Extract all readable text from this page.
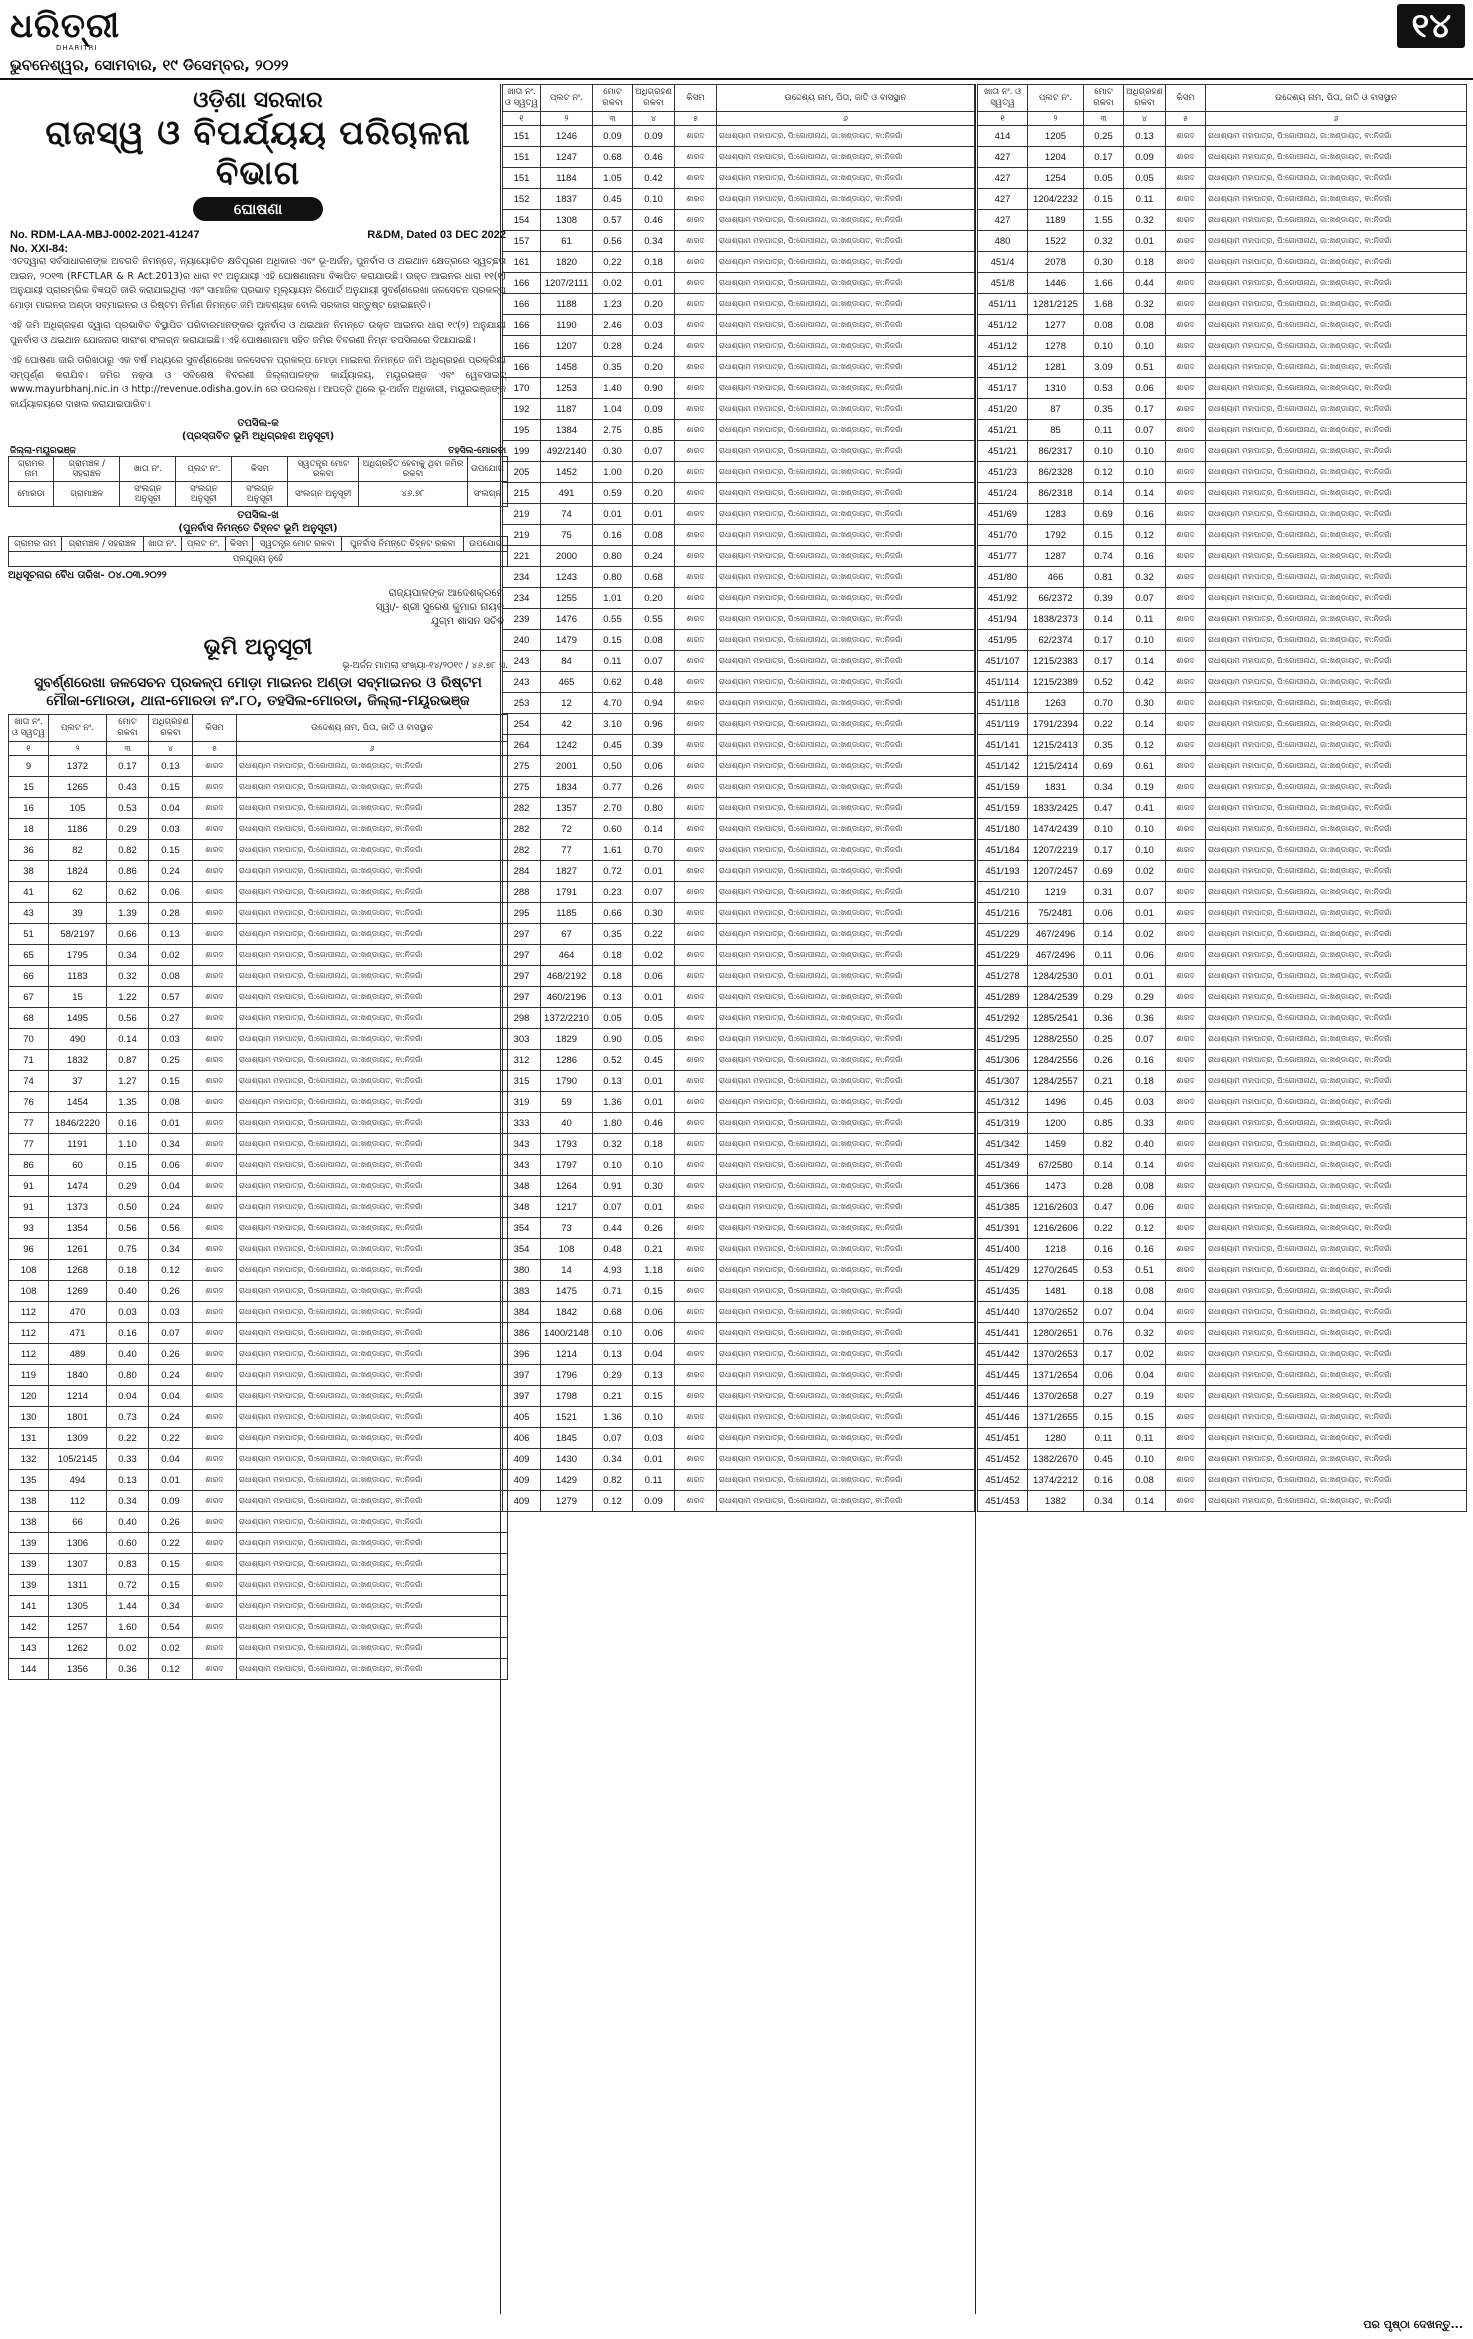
ଧରିତ୍ରୀ
DHARITRI
ଭୁବନେଶ୍ୱର, ସୋମବାର, ୧୯ ଡିସେମ୍ବର, ୨୦୨୨
୧୪
ଓଡ଼ିଶା ସରକାର
ରାଜସ୍ୱ ଓ ବିପର୍ଯ୍ୟୟ ପରିଚାଳନା ବିଭାଗ
ଘୋଷଣା
No. RDM-LAA-MBJ-0002-2021-41247	R&DM, Dated 03 DEC 2022
No. XXI-84:

ଏତଦ୍ୱାରା ସର୍ବସାଧାରଣଙ୍କ ଅବଗତି ନିମନ୍ତେ, ନ୍ୟାୟୋଚିତ କ୍ଷତିପୂରଣ ଅଧିକାର ଏବଂ ଭୂ-ଅର୍ଜନ, ପୁନର୍ବାସ ଓ ଥଇଥାନ କ୍ଷେତ୍ରରେ ସ୍ୱଚ୍ଛତା ଆଇନ, ୨୦୧୩ (RFCTLAR & R Act.2013)ର ଧାରା ୧୯ ଅନୁଯାୟୀ ଏହି ଘୋଷଣାନାମା ବିଜ୍ଞାପିତ କରାଯାଉଛି। ଉକ୍ତ ଆଇନର ଧାରା ୧୧(୧) ଅନୁଯାୟୀ ପ୍ରାରମ୍ଭିକ ବିଜ୍ଞପ୍ତି ଜାରି କରାଯାଇଥିଲା ଏବଂ ସାମାଜିକ ପ୍ରଭାବ ମୂଲ୍ୟାୟନ ରିପୋର୍ଟ ଅନୁଯାୟୀ ସୁବର୍ଣ୍ଣରେଖା ଜଳସେଚନ ପ୍ରକଳ୍ପ ମୋଡ଼ା ମାଇନର ଅଣ୍ଡା ସବ୍‌ମାଇନର ଓ ରିଷ୍ଟମ ନିର୍ମାଣ ନିମନ୍ତେ ଜମି ଆବଶ୍ୟକ ବୋଲି ସରକାର ସନ୍ତୁଷ୍ଟ ହୋଇଛନ୍ତି।

ଏହି ଜମି ଅଧିଗ୍ରହଣ ଦ୍ୱାରା ପ୍ରଭାବିତ ବିସ୍ଥାପିତ ପରିବାରମାନଙ୍କର ପୁନର୍ବାସ ଓ ଥଇଥାନ ନିମନ୍ତେ ଉକ୍ତ ଆଇନର ଧାରା ୧୯(୨) ଅନୁଯାୟୀ ପୁନର୍ବାସ ଓ ଥଇଥାନ ଯୋଜନାର ସାରାଂଶ ସଂଲଗ୍ନ କରାଯାଇଛି। ଏହି ଘୋଷଣାନାମା ସହିତ ଜମିର ବିବରଣୀ ନିମ୍ନ ତପସିଲରେ ଦିଆଯାଇଛି।

ଏହି ଘୋଷଣା ଜାରି ତାରିଖଠାରୁ ଏକ ବର୍ଷ ମଧ୍ୟରେ ସୁବର୍ଣ୍ଣରେଖା ଜଳସେଚନ ପ୍ରକଳ୍ପ ମୋଡ଼ା ମାଇନର ନିମନ୍ତେ ଜମି ଅଧିଗ୍ରହଣ ପ୍ରକ୍ରିୟା ସମ୍ପୂର୍ଣ୍ଣ କରାଯିବ। ଜମିର ନକ୍ସା ଓ ସବିଶେଷ ବିବରଣୀ ଜିଲ୍ଲାପାଳଙ୍କ କାର୍ଯ୍ୟାଳୟ, ମୟୂରଭଞ୍ଜ ଏବଂ ୱେବସାଇଟ୍ www.mayurbhanj.nic.in ଓ http://revenue.odisha.gov.in ରେ ଉପଲବ୍ଧ। ଆପତ୍ତି ଥିଲେ ଭୂ-ଅର୍ଜନ ଅଧିକାରୀ, ମୟୂରଭଞ୍ଜଙ୍କ କାର୍ଯ୍ୟାଳୟରେ ଦାଖଲ କରାଯାଇପାରିବ।

ତପସିଲ-କ
(ପ୍ରସ୍ତାବିତ ଭୂମି ଅଧିଗ୍ରହଣ ଅନୁସୂଚୀ)
ଜିଲ୍ଲା-ମୟୂରଭଞ୍ଜ	ତହସିଲ-ମୋରଡା
ଗ୍ରାମର ନାମ	ଗ୍ରାମଞ୍ଚଳ / ସହରାଞ୍ଚଳ	ଖାତା ନଂ.	ପ୍ଲଟ ନଂ.	କିସମ	ସ୍ୱତନ୍ତ୍ର ମୋଟ ରକବା	ଅଧିଗ୍ରହିତ ହେବାକୁ ଥିବା ଜମିର ରକବା	ଉପଯୋଗ
ମୋରଡା	ଗ୍ରାମାଞ୍ଚଳ	ସଂଲଗ୍ନ ଅନୁସୂଚୀ	ସଂଲଗ୍ନ ଅନୁସୂଚୀ	ସଂଲଗ୍ନ ଅନୁସୂଚୀ	ସଂଲଗ୍ନ ଅନୁସୂଚୀ	୪୬.୭୮	ସଂଲଗ୍ନ
ତପସିଲ-ଖ
(ପୁନର୍ବାସ ନିମନ୍ତେ ଚିହ୍ନଟ ଭୂମି ଅନୁସୂଚୀ)
ଗ୍ରାମର ନାମ	ଗ୍ରାମଞ୍ଚଳ / ସହରାଞ୍ଚଳ	ଖାତା ନଂ.	ପ୍ଲଟ ନଂ.	କିସମ	ସ୍ୱତନ୍ତ୍ର ମୋଟ ରକବା	ପୁନର୍ବାସ ନିମନ୍ତେ ଚିହ୍ନଟ ରକବା	ଉପଯୋଗ
ପ୍ରଯୁଜ୍ୟ ନୁହେଁ
ଅଧିସୂଚନାର ବୈଧ ତାରିଖ- ୦୪.୦୩.୨୦୨୨
ରାଜ୍ୟପାଳଙ୍କ ଆଦେଶକ୍ରମେ
ସ୍ୱା/- ଶ୍ରୀ ସୁରେଶ କୁମାର ନାୟକ
ଯୁଗ୍ମ ଶାସନ ସଚିବ
ଭୂମି ଅନୁସୂଚୀ
ଭୂ-ଅର୍ଜନ ମାମଲା ସଂଖ୍ୟା-୧୪/୨୦୧୯ / ୪୬.୭୮ ଏ.
ସୁବର୍ଣ୍ଣରେଖା ଜଳସେଚନ ପ୍ରକଳ୍ପ ମୋଡ଼ା ମାଇନର ଅଣ୍ଡା ସବ୍‌ମାଇନର ଓ ରିଷ୍ଟମ
ମୌଜା-ମୋରଡା, ଥାନା-ମୋରଡା ନଂ.୮୦, ତହସିଲ-ମୋରଡା, ଜିଲ୍ଲା-ମୟୂରଭଞ୍ଜ
ଖାତା ନଂ. ଓ ସ୍ୱତ୍ୱ	ପ୍ଲଟ ନଂ.	ମୋଟ ରକବା	ଅଧିଗ୍ରହଣ ରକବା	କିସମ	ଉଦ୍ଦେଶ୍ୟ ନାମ, ପିତା, ଜାତି ଓ ବାସସ୍ଥାନ
୧	୨	୩	୪	୫	୬
9	1372	0.17	0.13	ଶାରଦ	ରାଧାଶ୍ୟାମ ମହାପାତ୍ର, ପି:ଗୋପୀନାଥ, ଜା:ଖଣ୍ଡାୟତ, ବା:ନିଜଗାଁ
15	1265	0.43	0.15	ଶାରଦ	ରାଧାଶ୍ୟାମ ମହାପାତ୍ର, ପି:ଗୋପୀନାଥ, ଜା:ଖଣ୍ଡାୟତ, ବା:ନିଜଗାଁ
16	105	0.53	0.04	ଶାରଦ	ରାଧାଶ୍ୟାମ ମହାପାତ୍ର, ପି:ଗୋପୀନାଥ, ଜା:ଖଣ୍ଡାୟତ, ବା:ନିଜଗାଁ
18	1186	0.29	0.03	ଶାରଦ	ରାଧାଶ୍ୟାମ ମହାପାତ୍ର, ପି:ଗୋପୀନାଥ, ଜା:ଖଣ୍ଡାୟତ, ବା:ନିଜଗାଁ
36	82	0.82	0.15	ଶାରଦ	ରାଧାଶ୍ୟାମ ମହାପାତ୍ର, ପି:ଗୋପୀନାଥ, ଜା:ଖଣ୍ଡାୟତ, ବା:ନିଜଗାଁ
38	1824	0.86	0.24	ଶାରଦ	ରାଧାଶ୍ୟାମ ମହାପାତ୍ର, ପି:ଗୋପୀନାଥ, ଜା:ଖଣ୍ଡାୟତ, ବା:ନିଜଗାଁ
41	62	0.62	0.06	ଶାରଦ	ରାଧାଶ୍ୟାମ ମହାପାତ୍ର, ପି:ଗୋପୀନାଥ, ଜା:ଖଣ୍ଡାୟତ, ବା:ନିଜଗାଁ
43	39	1.39	0.28	ଶାରଦ	ରାଧାଶ୍ୟାମ ମହାପାତ୍ର, ପି:ଗୋପୀନାଥ, ଜା:ଖଣ୍ଡାୟତ, ବା:ନିଜଗାଁ
51	58/2197	0.66	0.13	ଶାରଦ	ରାଧାଶ୍ୟାମ ମହାପାତ୍ର, ପି:ଗୋପୀନାଥ, ଜା:ଖଣ୍ଡାୟତ, ବା:ନିଜଗାଁ
65	1795	0.34	0.02	ଶାରଦ	ରାଧାଶ୍ୟାମ ମହାପାତ୍ର, ପି:ଗୋପୀନାଥ, ଜା:ଖଣ୍ଡାୟତ, ବା:ନିଜଗାଁ
66	1183	0.32	0.08	ଶାରଦ	ରାଧାଶ୍ୟାମ ମହାପାତ୍ର, ପି:ଗୋପୀନାଥ, ଜା:ଖଣ୍ଡାୟତ, ବା:ନିଜଗାଁ
67	15	1.22	0.57	ଶାରଦ	ରାଧାଶ୍ୟାମ ମହାପାତ୍ର, ପି:ଗୋପୀନାଥ, ଜା:ଖଣ୍ଡାୟତ, ବା:ନିଜଗାଁ
68	1495	0.56	0.27	ଶାରଦ	ରାଧାଶ୍ୟାମ ମହାପାତ୍ର, ପି:ଗୋପୀନାଥ, ଜା:ଖଣ୍ଡାୟତ, ବା:ନିଜଗାଁ
70	490	0.14	0.03	ଶାରଦ	ରାଧାଶ୍ୟାମ ମହାପାତ୍ର, ପି:ଗୋପୀନାଥ, ଜା:ଖଣ୍ଡାୟତ, ବା:ନିଜଗାଁ
71	1832	0.87	0.25	ଶାରଦ	ରାଧାଶ୍ୟାମ ମହାପାତ୍ର, ପି:ଗୋପୀନାଥ, ଜା:ଖଣ୍ଡାୟତ, ବା:ନିଜଗାଁ
74	37	1.27	0.15	ଶାରଦ	ରାଧାଶ୍ୟାମ ମହାପାତ୍ର, ପି:ଗୋପୀନାଥ, ଜା:ଖଣ୍ଡାୟତ, ବା:ନିଜଗାଁ
76	1454	1.35	0.08	ଶାରଦ	ରାଧାଶ୍ୟାମ ମହାପାତ୍ର, ପି:ଗୋପୀନାଥ, ଜା:ଖଣ୍ଡାୟତ, ବା:ନିଜଗାଁ
77	1846/2220	0.16	0.01	ଶାରଦ	ରାଧାଶ୍ୟାମ ମହାପାତ୍ର, ପି:ଗୋପୀନାଥ, ଜା:ଖଣ୍ଡାୟତ, ବା:ନିଜଗାଁ
77	1191	1.10	0.34	ଶାରଦ	ରାଧାଶ୍ୟାମ ମହାପାତ୍ର, ପି:ଗୋପୀନାଥ, ଜା:ଖଣ୍ଡାୟତ, ବା:ନିଜଗାଁ
86	60	0.15	0.06	ଶାରଦ	ରାଧାଶ୍ୟାମ ମହାପାତ୍ର, ପି:ଗୋପୀନାଥ, ଜା:ଖଣ୍ଡାୟତ, ବା:ନିଜଗାଁ
91	1474	0.29	0.04	ଶାରଦ	ରାଧାଶ୍ୟାମ ମହାପାତ୍ର, ପି:ଗୋପୀନାଥ, ଜା:ଖଣ୍ଡାୟତ, ବା:ନିଜଗାଁ
91	1373	0.50	0.24	ଶାରଦ	ରାଧାଶ୍ୟାମ ମହାପାତ୍ର, ପି:ଗୋପୀନାଥ, ଜା:ଖଣ୍ଡାୟତ, ବା:ନିଜଗାଁ
93	1354	0.56	0.56	ଶାରଦ	ରାଧାଶ୍ୟାମ ମହାପାତ୍ର, ପି:ଗୋପୀନାଥ, ଜା:ଖଣ୍ଡାୟତ, ବା:ନିଜଗାଁ
96	1261	0.75	0.34	ଶାରଦ	ରାଧାଶ୍ୟାମ ମହାପାତ୍ର, ପି:ଗୋପୀନାଥ, ଜା:ଖଣ୍ଡାୟତ, ବା:ନିଜଗାଁ
108	1268	0.18	0.12	ଶାରଦ	ରାଧାଶ୍ୟାମ ମହାପାତ୍ର, ପି:ଗୋପୀନାଥ, ଜା:ଖଣ୍ଡାୟତ, ବା:ନିଜଗାଁ
108	1269	0.40	0.26	ଶାରଦ	ରାଧାଶ୍ୟାମ ମହାପାତ୍ର, ପି:ଗୋପୀନାଥ, ଜା:ଖଣ୍ଡାୟତ, ବା:ନିଜଗାଁ
112	470	0.03	0.03	ଶାରଦ	ରାଧାଶ୍ୟାମ ମହାପାତ୍ର, ପି:ଗୋପୀନାଥ, ଜା:ଖଣ୍ଡାୟତ, ବା:ନିଜଗାଁ
112	471	0.16	0.07	ଶାରଦ	ରାଧାଶ୍ୟାମ ମହାପାତ୍ର, ପି:ଗୋପୀନାଥ, ଜା:ଖଣ୍ଡାୟତ, ବା:ନିଜଗାଁ
112	489	0.40	0.26	ଶାରଦ	ରାଧାଶ୍ୟାମ ମହାପାତ୍ର, ପି:ଗୋପୀନାଥ, ଜା:ଖଣ୍ଡାୟତ, ବା:ନିଜଗାଁ
119	1840	0.80	0.24	ଶାରଦ	ରାଧାଶ୍ୟାମ ମହାପାତ୍ର, ପି:ଗୋପୀନାଥ, ଜା:ଖଣ୍ଡାୟତ, ବା:ନିଜଗାଁ
120	1214	0.04	0.04	ଶାରଦ	ରାଧାଶ୍ୟାମ ମହାପାତ୍ର, ପି:ଗୋପୀନାଥ, ଜା:ଖଣ୍ଡାୟତ, ବା:ନିଜଗାଁ
130	1801	0.73	0.24	ଶାରଦ	ରାଧାଶ୍ୟାମ ମହାପାତ୍ର, ପି:ଗୋପୀନାଥ, ଜା:ଖଣ୍ଡାୟତ, ବା:ନିଜଗାଁ
131	1309	0.22	0.22	ଶାରଦ	ରାଧାଶ୍ୟାମ ମହାପାତ୍ର, ପି:ଗୋପୀନାଥ, ଜା:ଖଣ୍ଡାୟତ, ବା:ନିଜଗାଁ
132	105/2145	0.33	0.04	ଶାରଦ	ରାଧାଶ୍ୟାମ ମହାପାତ୍ର, ପି:ଗୋପୀନାଥ, ଜା:ଖଣ୍ଡାୟତ, ବା:ନିଜଗାଁ
135	494	0.13	0.01	ଶାରଦ	ରାଧାଶ୍ୟାମ ମହାପାତ୍ର, ପି:ଗୋପୀନାଥ, ଜା:ଖଣ୍ଡାୟତ, ବା:ନିଜଗାଁ
138	112	0.34	0.09	ଶାରଦ	ରାଧାଶ୍ୟାମ ମହାପାତ୍ର, ପି:ଗୋପୀନାଥ, ଜା:ଖଣ୍ଡାୟତ, ବା:ନିଜଗାଁ
138	66	0.40	0.26	ଶାରଦ	ରାଧାଶ୍ୟାମ ମହାପାତ୍ର, ପି:ଗୋପୀନାଥ, ଜା:ଖଣ୍ଡାୟତ, ବା:ନିଜଗାଁ
139	1306	0.60	0.22	ଶାରଦ	ରାଧାଶ୍ୟାମ ମହାପାତ୍ର, ପି:ଗୋପୀନାଥ, ଜା:ଖଣ୍ଡାୟତ, ବା:ନିଜଗାଁ
139	1307	0.83	0.15	ଶାରଦ	ରାଧାଶ୍ୟାମ ମହାପାତ୍ର, ପି:ଗୋପୀନାଥ, ଜା:ଖଣ୍ଡାୟତ, ବା:ନିଜଗାଁ
139	1311	0.72	0.15	ଶାରଦ	ରାଧାଶ୍ୟାମ ମହାପାତ୍ର, ପି:ଗୋପୀନାଥ, ଜା:ଖଣ୍ଡାୟତ, ବା:ନିଜଗାଁ
141	1305	1.44	0.34	ଶାରଦ	ରାଧାଶ୍ୟାମ ମହାପାତ୍ର, ପି:ଗୋପୀନାଥ, ଜା:ଖଣ୍ଡାୟତ, ବା:ନିଜଗାଁ
142	1257	1.60	0.54	ଶାରଦ	ରାଧାଶ୍ୟାମ ମହାପାତ୍ର, ପି:ଗୋପୀନାଥ, ଜା:ଖଣ୍ଡାୟତ, ବା:ନିଜଗାଁ
143	1262	0.02	0.02	ଶାରଦ	ରାଧାଶ୍ୟାମ ମହାପାତ୍ର, ପି:ଗୋପୀନାଥ, ଜା:ଖଣ୍ଡାୟତ, ବା:ନିଜଗାଁ
144	1356	0.36	0.12	ଶାରଦ	ରାଧାଶ୍ୟାମ ମହାପାତ୍ର, ପି:ଗୋପୀନାଥ, ଜା:ଖଣ୍ଡାୟତ, ବା:ନିଜଗାଁ
ଖାତା ନଂ. ଓ ସ୍ୱତ୍ୱ	ପ୍ଲଟ ନଂ.	ମୋଟ ରକବା	ଅଧିଗ୍ରହଣ ରକବା	କିସମ	ଉଦ୍ଦେଶ୍ୟ ନାମ, ପିତା, ଜାତି ଓ ବାସସ୍ଥାନ
୧	୨	୩	୪	୫	୬
151	1246	0.09	0.09	ଶାରଦ	ରାଧାଶ୍ୟାମ ମହାପାତ୍ର, ପି:ଗୋପୀନାଥ, ଜା:ଖଣ୍ଡାୟତ, ବା:ନିଜଗାଁ
151	1247	0.68	0.46	ଶାରଦ	ରାଧାଶ୍ୟାମ ମହାପାତ୍ର, ପି:ଗୋପୀନାଥ, ଜା:ଖଣ୍ଡାୟତ, ବା:ନିଜଗାଁ
151	1184	1.05	0.42	ଶାରଦ	ରାଧାଶ୍ୟାମ ମହାପାତ୍ର, ପି:ଗୋପୀନାଥ, ଜା:ଖଣ୍ଡାୟତ, ବା:ନିଜଗାଁ
152	1837	0.45	0.10	ଶାରଦ	ରାଧାଶ୍ୟାମ ମହାପାତ୍ର, ପି:ଗୋପୀନାଥ, ଜା:ଖଣ୍ଡାୟତ, ବା:ନିଜଗାଁ
154	1308	0.57	0.46	ଶାରଦ	ରାଧାଶ୍ୟାମ ମହାପାତ୍ର, ପି:ଗୋପୀନାଥ, ଜା:ଖଣ୍ଡାୟତ, ବା:ନିଜଗାଁ
157	61	0.56	0.34	ଶାରଦ	ରାଧାଶ୍ୟାମ ମହାପାତ୍ର, ପି:ଗୋପୀନାଥ, ଜା:ଖଣ୍ଡାୟତ, ବା:ନିଜଗାଁ
161	1820	0.22	0.18	ଶାରଦ	ରାଧାଶ୍ୟାମ ମହାପାତ୍ର, ପି:ଗୋପୀନାଥ, ଜା:ଖଣ୍ଡାୟତ, ବା:ନିଜଗାଁ
166	1207/2111	0.02	0.01	ଶାରଦ	ରାଧାଶ୍ୟାମ ମହାପାତ୍ର, ପି:ଗୋପୀନାଥ, ଜା:ଖଣ୍ଡାୟତ, ବା:ନିଜଗାଁ
166	1188	1.23	0.20	ଶାରଦ	ରାଧାଶ୍ୟାମ ମହାପାତ୍ର, ପି:ଗୋପୀନାଥ, ଜା:ଖଣ୍ଡାୟତ, ବା:ନିଜଗାଁ
166	1190	2.46	0.03	ଶାରଦ	ରାଧାଶ୍ୟାମ ମହାପାତ୍ର, ପି:ଗୋପୀନାଥ, ଜା:ଖଣ୍ଡାୟତ, ବା:ନିଜଗାଁ
166	1207	0.28	0.24	ଶାରଦ	ରାଧାଶ୍ୟାମ ମହାପାତ୍ର, ପି:ଗୋପୀନାଥ, ଜା:ଖଣ୍ଡାୟତ, ବା:ନିଜଗାଁ
166	1458	0.35	0.20	ଶାରଦ	ରାଧାଶ୍ୟାମ ମହାପାତ୍ର, ପି:ଗୋପୀନାଥ, ଜା:ଖଣ୍ଡାୟତ, ବା:ନିଜଗାଁ
170	1253	1.40	0.90	ଶାରଦ	ରାଧାଶ୍ୟାମ ମହାପାତ୍ର, ପି:ଗୋପୀନାଥ, ଜା:ଖଣ୍ଡାୟତ, ବା:ନିଜଗାଁ
192	1187	1.04	0.09	ଶାରଦ	ରାଧାଶ୍ୟାମ ମହାପାତ୍ର, ପି:ଗୋପୀନାଥ, ଜା:ଖଣ୍ଡାୟତ, ବା:ନିଜଗାଁ
195	1384	2.75	0.85	ଶାରଦ	ରାଧାଶ୍ୟାମ ମହାପାତ୍ର, ପି:ଗୋପୀନାଥ, ଜା:ଖଣ୍ଡାୟତ, ବା:ନିଜଗାଁ
199	492/2140	0.30	0.07	ଶାରଦ	ରାଧାଶ୍ୟାମ ମହାପାତ୍ର, ପି:ଗୋପୀନାଥ, ଜା:ଖଣ୍ଡାୟତ, ବା:ନିଜଗାଁ
205	1452	1.00	0.20	ଶାରଦ	ରାଧାଶ୍ୟାମ ମହାପାତ୍ର, ପି:ଗୋପୀନାଥ, ଜା:ଖଣ୍ଡାୟତ, ବା:ନିଜଗାଁ
215	491	0.59	0.20	ଶାରଦ	ରାଧାଶ୍ୟାମ ମହାପାତ୍ର, ପି:ଗୋପୀନାଥ, ଜା:ଖଣ୍ଡାୟତ, ବା:ନିଜଗାଁ
219	74	0.01	0.01	ଶାରଦ	ରାଧାଶ୍ୟାମ ମହାପାତ୍ର, ପି:ଗୋପୀନାଥ, ଜା:ଖଣ୍ଡାୟତ, ବା:ନିଜଗାଁ
219	75	0.16	0.08	ଶାରଦ	ରାଧାଶ୍ୟାମ ମହାପାତ୍ର, ପି:ଗୋପୀନାଥ, ଜା:ଖଣ୍ଡାୟତ, ବା:ନିଜଗାଁ
221	2000	0.80	0.24	ଶାରଦ	ରାଧାଶ୍ୟାମ ମହାପାତ୍ର, ପି:ଗୋପୀନାଥ, ଜା:ଖଣ୍ଡାୟତ, ବା:ନିଜଗାଁ
234	1243	0.80	0.68	ଶାରଦ	ରାଧାଶ୍ୟାମ ମହାପାତ୍ର, ପି:ଗୋପୀନାଥ, ଜା:ଖଣ୍ଡାୟତ, ବା:ନିଜଗାଁ
234	1255	1.01	0.20	ଶାରଦ	ରାଧାଶ୍ୟାମ ମହାପାତ୍ର, ପି:ଗୋପୀନାଥ, ଜା:ଖଣ୍ଡାୟତ, ବା:ନିଜଗାଁ
239	1476	0.55	0.55	ଶାରଦ	ରାଧାଶ୍ୟାମ ମହାପାତ୍ର, ପି:ଗୋପୀନାଥ, ଜା:ଖଣ୍ଡାୟତ, ବା:ନିଜଗାଁ
240	1479	0.15	0.08	ଶାରଦ	ରାଧାଶ୍ୟାମ ମହାପାତ୍ର, ପି:ଗୋପୀନାଥ, ଜା:ଖଣ୍ଡାୟତ, ବା:ନିଜଗାଁ
243	84	0.11	0.07	ଶାରଦ	ରାଧାଶ୍ୟାମ ମହାପାତ୍ର, ପି:ଗୋପୀନାଥ, ଜା:ଖଣ୍ଡାୟତ, ବା:ନିଜଗାଁ
243	465	0.62	0.48	ଶାରଦ	ରାଧାଶ୍ୟାମ ମହାପାତ୍ର, ପି:ଗୋପୀନାଥ, ଜା:ଖଣ୍ଡାୟତ, ବା:ନିଜଗାଁ
253	12	4.70	0.94	ଶାରଦ	ରାଧାଶ୍ୟାମ ମହାପାତ୍ର, ପି:ଗୋପୀନାଥ, ଜା:ଖଣ୍ଡାୟତ, ବା:ନିଜଗାଁ
254	42	3.10	0.96	ଶାରଦ	ରାଧାଶ୍ୟାମ ମହାପାତ୍ର, ପି:ଗୋପୀନାଥ, ଜା:ଖଣ୍ଡାୟତ, ବା:ନିଜଗାଁ
264	1242	0.45	0.39	ଶାରଦ	ରାଧାଶ୍ୟାମ ମହାପାତ୍ର, ପି:ଗୋପୀନାଥ, ଜା:ଖଣ୍ଡାୟତ, ବା:ନିଜଗାଁ
275	2001	0.50	0.06	ଶାରଦ	ରାଧାଶ୍ୟାମ ମହାପାତ୍ର, ପି:ଗୋପୀନାଥ, ଜା:ଖଣ୍ଡାୟତ, ବା:ନିଜଗାଁ
275	1834	0.77	0.26	ଶାରଦ	ରାଧାଶ୍ୟାମ ମହାପାତ୍ର, ପି:ଗୋପୀନାଥ, ଜା:ଖଣ୍ଡାୟତ, ବା:ନିଜଗାଁ
282	1357	2.70	0.80	ଶାରଦ	ରାଧାଶ୍ୟାମ ମହାପାତ୍ର, ପି:ଗୋପୀନାଥ, ଜା:ଖଣ୍ଡାୟତ, ବା:ନିଜଗାଁ
282	72	0.60	0.14	ଶାରଦ	ରାଧାଶ୍ୟାମ ମହାପାତ୍ର, ପି:ଗୋପୀନାଥ, ଜା:ଖଣ୍ଡାୟତ, ବା:ନିଜଗାଁ
282	77	1.61	0.70	ଶାରଦ	ରାଧାଶ୍ୟାମ ମହାପାତ୍ର, ପି:ଗୋପୀନାଥ, ଜା:ଖଣ୍ଡାୟତ, ବା:ନିଜଗାଁ
284	1827	0.72	0.01	ଶାରଦ	ରାଧାଶ୍ୟାମ ମହାପାତ୍ର, ପି:ଗୋପୀନାଥ, ଜା:ଖଣ୍ଡାୟତ, ବା:ନିଜଗାଁ
288	1791	0.23	0.07	ଶାରଦ	ରାଧାଶ୍ୟାମ ମହାପାତ୍ର, ପି:ଗୋପୀନାଥ, ଜା:ଖଣ୍ଡାୟତ, ବା:ନିଜଗାଁ
295	1185	0.66	0.30	ଶାରଦ	ରାଧାଶ୍ୟାମ ମହାପାତ୍ର, ପି:ଗୋପୀନାଥ, ଜା:ଖଣ୍ଡାୟତ, ବା:ନିଜଗାଁ
297	67	0.35	0.22	ଶାରଦ	ରାଧାଶ୍ୟାମ ମହାପାତ୍ର, ପି:ଗୋପୀନାଥ, ଜା:ଖଣ୍ଡାୟତ, ବା:ନିଜଗାଁ
297	464	0.18	0.02	ଶାରଦ	ରାଧାଶ୍ୟାମ ମହାପାତ୍ର, ପି:ଗୋପୀନାଥ, ଜା:ଖଣ୍ଡାୟତ, ବା:ନିଜଗାଁ
297	468/2192	0.18	0.06	ଶାରଦ	ରାଧାଶ୍ୟାମ ମହାପାତ୍ର, ପି:ଗୋପୀନାଥ, ଜା:ଖଣ୍ଡାୟତ, ବା:ନିଜଗାଁ
297	460/2196	0.13	0.01	ଶାରଦ	ରାଧାଶ୍ୟାମ ମହାପାତ୍ର, ପି:ଗୋପୀନାଥ, ଜା:ଖଣ୍ଡାୟତ, ବା:ନିଜଗାଁ
298	1372/2210	0.05	0.05	ଶାରଦ	ରାଧାଶ୍ୟାମ ମହାପାତ୍ର, ପି:ଗୋପୀନାଥ, ଜା:ଖଣ୍ଡାୟତ, ବା:ନିଜଗାଁ
303	1829	0.90	0.05	ଶାରଦ	ରାଧାଶ୍ୟାମ ମହାପାତ୍ର, ପି:ଗୋପୀନାଥ, ଜା:ଖଣ୍ଡାୟତ, ବା:ନିଜଗାଁ
312	1286	0.52	0.45	ଶାରଦ	ରାଧାଶ୍ୟାମ ମହାପାତ୍ର, ପି:ଗୋପୀନାଥ, ଜା:ଖଣ୍ଡାୟତ, ବା:ନିଜଗାଁ
315	1790	0.13	0.01	ଶାରଦ	ରାଧାଶ୍ୟାମ ମହାପାତ୍ର, ପି:ଗୋପୀନାଥ, ଜା:ଖଣ୍ଡାୟତ, ବା:ନିଜଗାଁ
319	59	1.36	0.01	ଶାରଦ	ରାଧାଶ୍ୟାମ ମହାପାତ୍ର, ପି:ଗୋପୀନାଥ, ଜା:ଖଣ୍ଡାୟତ, ବା:ନିଜଗାଁ
333	40	1.80	0.46	ଶାରଦ	ରାଧାଶ୍ୟାମ ମହାପାତ୍ର, ପି:ଗୋପୀନାଥ, ଜା:ଖଣ୍ଡାୟତ, ବା:ନିଜଗାଁ
343	1793	0.32	0.18	ଶାରଦ	ରାଧାଶ୍ୟାମ ମହାପାତ୍ର, ପି:ଗୋପୀନାଥ, ଜା:ଖଣ୍ଡାୟତ, ବା:ନିଜଗାଁ
343	1797	0.10	0.10	ଶାରଦ	ରାଧାଶ୍ୟାମ ମହାପାତ୍ର, ପି:ଗୋପୀନାଥ, ଜା:ଖଣ୍ଡାୟତ, ବା:ନିଜଗାଁ
348	1264	0.91	0.30	ଶାରଦ	ରାଧାଶ୍ୟାମ ମହାପାତ୍ର, ପି:ଗୋପୀନାଥ, ଜା:ଖଣ୍ଡାୟତ, ବା:ନିଜଗାଁ
348	1217	0.07	0.01	ଶାରଦ	ରାଧାଶ୍ୟାମ ମହାପାତ୍ର, ପି:ଗୋପୀନାଥ, ଜା:ଖଣ୍ଡାୟତ, ବା:ନିଜଗାଁ
354	73	0.44	0.26	ଶାରଦ	ରାଧାଶ୍ୟାମ ମହାପାତ୍ର, ପି:ଗୋପୀନାଥ, ଜା:ଖଣ୍ଡାୟତ, ବା:ନିଜଗାଁ
354	108	0.48	0.21	ଶାରଦ	ରାଧାଶ୍ୟାମ ମହାପାତ୍ର, ପି:ଗୋପୀନାଥ, ଜା:ଖଣ୍ଡାୟତ, ବା:ନିଜଗାଁ
380	14	4.93	1.18	ଶାରଦ	ରାଧାଶ୍ୟାମ ମହାପାତ୍ର, ପି:ଗୋପୀନାଥ, ଜା:ଖଣ୍ଡାୟତ, ବା:ନିଜଗାଁ
383	1475	0.71	0.15	ଶାରଦ	ରାଧାଶ୍ୟାମ ମହାପାତ୍ର, ପି:ଗୋପୀନାଥ, ଜା:ଖଣ୍ଡାୟତ, ବା:ନିଜଗାଁ
384	1842	0.68	0.06	ଶାରଦ	ରାଧାଶ୍ୟାମ ମହାପାତ୍ର, ପି:ଗୋପୀନାଥ, ଜା:ଖଣ୍ଡାୟତ, ବା:ନିଜଗାଁ
386	1400/2148	0.10	0.06	ଶାରଦ	ରାଧାଶ୍ୟାମ ମହାପାତ୍ର, ପି:ଗୋପୀନାଥ, ଜା:ଖଣ୍ଡାୟତ, ବା:ନିଜଗାଁ
396	1214	0.13	0.04	ଶାରଦ	ରାଧାଶ୍ୟାମ ମହାପାତ୍ର, ପି:ଗୋପୀନାଥ, ଜା:ଖଣ୍ଡାୟତ, ବା:ନିଜଗାଁ
397	1796	0.29	0.13	ଶାରଦ	ରାଧାଶ୍ୟାମ ମହାପାତ୍ର, ପି:ଗୋପୀନାଥ, ଜା:ଖଣ୍ଡାୟତ, ବା:ନିଜଗାଁ
397	1798	0.21	0.15	ଶାରଦ	ରାଧାଶ୍ୟାମ ମହାପାତ୍ର, ପି:ଗୋପୀନାଥ, ଜା:ଖଣ୍ଡାୟତ, ବା:ନିଜଗାଁ
405	1521	1.36	0.10	ଶାରଦ	ରାଧାଶ୍ୟାମ ମହାପାତ୍ର, ପି:ଗୋପୀନାଥ, ଜା:ଖଣ୍ଡାୟତ, ବା:ନିଜଗାଁ
406	1845	0.07	0.03	ଶାରଦ	ରାଧାଶ୍ୟାମ ମହାପାତ୍ର, ପି:ଗୋପୀନାଥ, ଜା:ଖଣ୍ଡାୟତ, ବା:ନିଜଗାଁ
409	1430	0.34	0.01	ଶାରଦ	ରାଧାଶ୍ୟାମ ମହାପାତ୍ର, ପି:ଗୋପୀନାଥ, ଜା:ଖଣ୍ଡାୟତ, ବା:ନିଜଗାଁ
409	1429	0.82	0.11	ଶାରଦ	ରାଧାଶ୍ୟାମ ମହାପାତ୍ର, ପି:ଗୋପୀନାଥ, ଜା:ଖଣ୍ଡାୟତ, ବା:ନିଜଗାଁ
409	1279	0.12	0.09	ଶାରଦ	ରାଧାଶ୍ୟାମ ମହାପାତ୍ର, ପି:ଗୋପୀନାଥ, ଜା:ଖଣ୍ଡାୟତ, ବା:ନିଜଗାଁ
ଖାତା ନଂ. ଓ ସ୍ୱତ୍ୱ	ପ୍ଲଟ ନଂ.	ମୋଟ ରକବା	ଅଧିଗ୍ରହଣ ରକବା	କିସମ	ଉଦ୍ଦେଶ୍ୟ ନାମ, ପିତା, ଜାତି ଓ ବାସସ୍ଥାନ
୧	୨	୩	୪	୫	୬
414	1205	0.25	0.13	ଶାରଦ	ରାଧାଶ୍ୟାମ ମହାପାତ୍ର, ପି:ଗୋପୀନାଥ, ଜା:ଖଣ୍ଡାୟତ, ବା:ନିଜଗାଁ
427	1204	0.17	0.09	ଶାରଦ	ରାଧାଶ୍ୟାମ ମହାପାତ୍ର, ପି:ଗୋପୀନାଥ, ଜା:ଖଣ୍ଡାୟତ, ବା:ନିଜଗାଁ
427	1254	0.05	0.05	ଶାରଦ	ରାଧାଶ୍ୟାମ ମହାପାତ୍ର, ପି:ଗୋପୀନାଥ, ଜା:ଖଣ୍ଡାୟତ, ବା:ନିଜଗାଁ
427	1204/2232	0.15	0.11	ଶାରଦ	ରାଧାଶ୍ୟାମ ମହାପାତ୍ର, ପି:ଗୋପୀନାଥ, ଜା:ଖଣ୍ଡାୟତ, ବା:ନିଜଗାଁ
427	1189	1.55	0.32	ଶାରଦ	ରାଧାଶ୍ୟାମ ମହାପାତ୍ର, ପି:ଗୋପୀନାଥ, ଜା:ଖଣ୍ଡାୟତ, ବା:ନିଜଗାଁ
480	1522	0.32	0.01	ଶାରଦ	ରାଧାଶ୍ୟାମ ମହାପାତ୍ର, ପି:ଗୋପୀନାଥ, ଜା:ଖଣ୍ଡାୟତ, ବା:ନିଜଗାଁ
451/4	2078	0.30	0.18	ଶାରଦ	ରାଧାଶ୍ୟାମ ମହାପାତ୍ର, ପି:ଗୋପୀନାଥ, ଜା:ଖଣ୍ଡାୟତ, ବା:ନିଜଗାଁ
451/8	1446	1.66	0.44	ଶାରଦ	ରାଧାଶ୍ୟାମ ମହାପାତ୍ର, ପି:ଗୋପୀନାଥ, ଜା:ଖଣ୍ଡାୟତ, ବା:ନିଜଗାଁ
451/11	1281/2125	1.68	0.32	ଶାରଦ	ରାଧାଶ୍ୟାମ ମହାପାତ୍ର, ପି:ଗୋପୀନାଥ, ଜା:ଖଣ୍ଡାୟତ, ବା:ନିଜଗାଁ
451/12	1277	0.08	0.08	ଶାରଦ	ରାଧାଶ୍ୟାମ ମହାପାତ୍ର, ପି:ଗୋପୀନାଥ, ଜା:ଖଣ୍ଡାୟତ, ବା:ନିଜଗାଁ
451/12	1278	0.10	0.10	ଶାରଦ	ରାଧାଶ୍ୟାମ ମହାପାତ୍ର, ପି:ଗୋପୀନାଥ, ଜା:ଖଣ୍ଡାୟତ, ବା:ନିଜଗାଁ
451/12	1281	3.09	0.51	ଶାରଦ	ରାଧାଶ୍ୟାମ ମହାପାତ୍ର, ପି:ଗୋପୀନାଥ, ଜା:ଖଣ୍ଡାୟତ, ବା:ନିଜଗାଁ
451/17	1310	0.53	0.06	ଶାରଦ	ରାଧାଶ୍ୟାମ ମହାପାତ୍ର, ପି:ଗୋପୀନାଥ, ଜା:ଖଣ୍ଡାୟତ, ବା:ନିଜଗାଁ
451/20	87	0.35	0.17	ଶାରଦ	ରାଧାଶ୍ୟାମ ମହାପାତ୍ର, ପି:ଗୋପୀନାଥ, ଜା:ଖଣ୍ଡାୟତ, ବା:ନିଜଗାଁ
451/21	85	0.11	0.07	ଶାରଦ	ରାଧାଶ୍ୟାମ ମହାପାତ୍ର, ପି:ଗୋପୀନାଥ, ଜା:ଖଣ୍ଡାୟତ, ବା:ନିଜଗାଁ
451/21	86/2317	0.10	0.10	ଶାରଦ	ରାଧାଶ୍ୟାମ ମହାପାତ୍ର, ପି:ଗୋପୀନାଥ, ଜା:ଖଣ୍ଡାୟତ, ବା:ନିଜଗାଁ
451/23	86/2328	0.12	0.10	ଶାରଦ	ରାଧାଶ୍ୟାମ ମହାପାତ୍ର, ପି:ଗୋପୀନାଥ, ଜା:ଖଣ୍ଡାୟତ, ବା:ନିଜଗାଁ
451/24	86/2318	0.14	0.14	ଶାରଦ	ରାଧାଶ୍ୟାମ ମହାପାତ୍ର, ପି:ଗୋପୀନାଥ, ଜା:ଖଣ୍ଡାୟତ, ବା:ନିଜଗାଁ
451/69	1283	0.69	0.16	ଶାରଦ	ରାଧାଶ୍ୟାମ ମହାପାତ୍ର, ପି:ଗୋପୀନାଥ, ଜା:ଖଣ୍ଡାୟତ, ବା:ନିଜଗାଁ
451/70	1792	0.15	0.12	ଶାରଦ	ରାଧାଶ୍ୟାମ ମହାପାତ୍ର, ପି:ଗୋପୀନାଥ, ଜା:ଖଣ୍ଡାୟତ, ବା:ନିଜଗାଁ
451/77	1287	0.74	0.16	ଶାରଦ	ରାଧାଶ୍ୟାମ ମହାପାତ୍ର, ପି:ଗୋପୀନାଥ, ଜା:ଖଣ୍ଡାୟତ, ବା:ନିଜଗାଁ
451/80	466	0.81	0.32	ଶାରଦ	ରାଧାଶ୍ୟାମ ମହାପାତ୍ର, ପି:ଗୋପୀନାଥ, ଜା:ଖଣ୍ଡାୟତ, ବା:ନିଜଗାଁ
451/92	66/2372	0.39	0.07	ଶାରଦ	ରାଧାଶ୍ୟାମ ମହାପାତ୍ର, ପି:ଗୋପୀନାଥ, ଜା:ଖଣ୍ଡାୟତ, ବା:ନିଜଗାଁ
451/94	1838/2373	0.14	0.11	ଶାରଦ	ରାଧାଶ୍ୟାମ ମହାପାତ୍ର, ପି:ଗୋପୀନାଥ, ଜା:ଖଣ୍ଡାୟତ, ବା:ନିଜଗାଁ
451/95	62/2374	0.17	0.10	ଶାରଦ	ରାଧାଶ୍ୟାମ ମହାପାତ୍ର, ପି:ଗୋପୀନାଥ, ଜା:ଖଣ୍ଡାୟତ, ବା:ନିଜଗାଁ
451/107	1215/2383	0.17	0.14	ଶାରଦ	ରାଧାଶ୍ୟାମ ମହାପାତ୍ର, ପି:ଗୋପୀନାଥ, ଜା:ଖଣ୍ଡାୟତ, ବା:ନିଜଗାଁ
451/114	1215/2389	0.52	0.42	ଶାରଦ	ରାଧାଶ୍ୟାମ ମହାପାତ୍ର, ପି:ଗୋପୀନାଥ, ଜା:ଖଣ୍ଡାୟତ, ବା:ନିଜଗାଁ
451/118	1263	0.70	0.30	ଶାରଦ	ରାଧାଶ୍ୟାମ ମହାପାତ୍ର, ପି:ଗୋପୀନାଥ, ଜା:ଖଣ୍ଡାୟତ, ବା:ନିଜଗାଁ
451/119	1791/2394	0.22	0.14	ଶାରଦ	ରାଧାଶ୍ୟାମ ମହାପାତ୍ର, ପି:ଗୋପୀନାଥ, ଜା:ଖଣ୍ଡାୟତ, ବା:ନିଜଗାଁ
451/141	1215/2413	0.35	0.12	ଶାରଦ	ରାଧାଶ୍ୟାମ ମହାପାତ୍ର, ପି:ଗୋପୀନାଥ, ଜା:ଖଣ୍ଡାୟତ, ବା:ନିଜଗାଁ
451/142	1215/2414	0.69	0.61	ଶାରଦ	ରାଧାଶ୍ୟାମ ମହାପାତ୍ର, ପି:ଗୋପୀନାଥ, ଜା:ଖଣ୍ଡାୟତ, ବା:ନିଜଗାଁ
451/159	1831	0.34	0.19	ଶାରଦ	ରାଧାଶ୍ୟାମ ମହାପାତ୍ର, ପି:ଗୋପୀନାଥ, ଜା:ଖଣ୍ଡାୟତ, ବା:ନିଜଗାଁ
451/159	1833/2425	0.47	0.41	ଶାରଦ	ରାଧାଶ୍ୟାମ ମହାପାତ୍ର, ପି:ଗୋପୀନାଥ, ଜା:ଖଣ୍ଡାୟତ, ବା:ନିଜଗାଁ
451/180	1474/2439	0.10	0.10	ଶାରଦ	ରାଧାଶ୍ୟାମ ମହାପାତ୍ର, ପି:ଗୋପୀନାଥ, ଜା:ଖଣ୍ଡାୟତ, ବା:ନିଜଗାଁ
451/184	1207/2219	0.17	0.10	ଶାରଦ	ରାଧାଶ୍ୟାମ ମହାପାତ୍ର, ପି:ଗୋପୀନାଥ, ଜା:ଖଣ୍ଡାୟତ, ବା:ନିଜଗାଁ
451/193	1207/2457	0.69	0.02	ଶାରଦ	ରାଧାଶ୍ୟାମ ମହାପାତ୍ର, ପି:ଗୋପୀନାଥ, ଜା:ଖଣ୍ଡାୟତ, ବା:ନିଜଗାଁ
451/210	1219	0.31	0.07	ଶାରଦ	ରାଧାଶ୍ୟାମ ମହାପାତ୍ର, ପି:ଗୋପୀନାଥ, ଜା:ଖଣ୍ଡାୟତ, ବା:ନିଜଗାଁ
451/216	75/2481	0.06	0.01	ଶାରଦ	ରାଧାଶ୍ୟାମ ମହାପାତ୍ର, ପି:ଗୋପୀନାଥ, ଜା:ଖଣ୍ଡାୟତ, ବା:ନିଜଗାଁ
451/229	467/2496	0.14	0.02	ଶାରଦ	ରାଧାଶ୍ୟାମ ମହାପାତ୍ର, ପି:ଗୋପୀନାଥ, ଜା:ଖଣ୍ଡାୟତ, ବା:ନିଜଗାଁ
451/229	467/2496	0.11	0.06	ଶାରଦ	ରାଧାଶ୍ୟାମ ମହାପାତ୍ର, ପି:ଗୋପୀନାଥ, ଜା:ଖଣ୍ଡାୟତ, ବା:ନିଜଗାଁ
451/278	1284/2530	0.01	0.01	ଶାରଦ	ରାଧାଶ୍ୟାମ ମହାପାତ୍ର, ପି:ଗୋପୀନାଥ, ଜା:ଖଣ୍ଡାୟତ, ବା:ନିଜଗାଁ
451/289	1284/2539	0.29	0.29	ଶାରଦ	ରାଧାଶ୍ୟାମ ମହାପାତ୍ର, ପି:ଗୋପୀନାଥ, ଜା:ଖଣ୍ଡାୟତ, ବା:ନିଜଗାଁ
451/292	1285/2541	0.36	0.36	ଶାରଦ	ରାଧାଶ୍ୟାମ ମହାପାତ୍ର, ପି:ଗୋପୀନାଥ, ଜା:ଖଣ୍ଡାୟତ, ବା:ନିଜଗାଁ
451/295	1288/2550	0.25	0.07	ଶାରଦ	ରାଧାଶ୍ୟାମ ମହାପାତ୍ର, ପି:ଗୋପୀନାଥ, ଜା:ଖଣ୍ଡାୟତ, ବା:ନିଜଗାଁ
451/306	1284/2556	0.26	0.16	ଶାରଦ	ରାଧାଶ୍ୟାମ ମହାପାତ୍ର, ପି:ଗୋପୀନାଥ, ଜା:ଖଣ୍ଡାୟତ, ବା:ନିଜଗାଁ
451/307	1284/2557	0.21	0.18	ଶାରଦ	ରାଧାଶ୍ୟାମ ମହାପାତ୍ର, ପି:ଗୋପୀନାଥ, ଜା:ଖଣ୍ଡାୟତ, ବା:ନିଜଗାଁ
451/312	1496	0.45	0.03	ଶାରଦ	ରାଧାଶ୍ୟାମ ମହାପାତ୍ର, ପି:ଗୋପୀନାଥ, ଜା:ଖଣ୍ଡାୟତ, ବା:ନିଜଗାଁ
451/319	1200	0.85	0.33	ଶାରଦ	ରାଧାଶ୍ୟାମ ମହାପାତ୍ର, ପି:ଗୋପୀନାଥ, ଜା:ଖଣ୍ଡାୟତ, ବା:ନିଜଗାଁ
451/342	1459	0.82	0.40	ଶାରଦ	ରାଧାଶ୍ୟାମ ମହାପାତ୍ର, ପି:ଗୋପୀନାଥ, ଜା:ଖଣ୍ଡାୟତ, ବା:ନିଜଗାଁ
451/349	67/2580	0.14	0.14	ଶାରଦ	ରାଧାଶ୍ୟାମ ମହାପାତ୍ର, ପି:ଗୋପୀନାଥ, ଜା:ଖଣ୍ଡାୟତ, ବା:ନିଜଗାଁ
451/366	1473	0.28	0.08	ଶାରଦ	ରାଧାଶ୍ୟାମ ମହାପାତ୍ର, ପି:ଗୋପୀନାଥ, ଜା:ଖଣ୍ଡାୟତ, ବା:ନିଜଗାଁ
451/385	1216/2603	0.47	0.06	ଶାରଦ	ରାଧାଶ୍ୟାମ ମହାପାତ୍ର, ପି:ଗୋପୀନାଥ, ଜା:ଖଣ୍ଡାୟତ, ବା:ନିଜଗାଁ
451/391	1216/2606	0.22	0.12	ଶାରଦ	ରାଧାଶ୍ୟାମ ମହାପାତ୍ର, ପି:ଗୋପୀନାଥ, ଜା:ଖଣ୍ଡାୟତ, ବା:ନିଜଗାଁ
451/400	1218	0.16	0.16	ଶାରଦ	ରାଧାଶ୍ୟାମ ମହାପାତ୍ର, ପି:ଗୋପୀନାଥ, ଜା:ଖଣ୍ଡାୟତ, ବା:ନିଜଗାଁ
451/429	1270/2645	0.53	0.51	ଶାରଦ	ରାଧାଶ୍ୟାମ ମହାପାତ୍ର, ପି:ଗୋପୀନାଥ, ଜା:ଖଣ୍ଡାୟତ, ବା:ନିଜଗାଁ
451/435	1481	0.18	0.08	ଶାରଦ	ରାଧାଶ୍ୟାମ ମହାପାତ୍ର, ପି:ଗୋପୀନାଥ, ଜା:ଖଣ୍ଡାୟତ, ବା:ନିଜଗାଁ
451/440	1370/2652	0.07	0.04	ଶାରଦ	ରାଧାଶ୍ୟାମ ମହାପାତ୍ର, ପି:ଗୋପୀନାଥ, ଜା:ଖଣ୍ଡାୟତ, ବା:ନିଜଗାଁ
451/441	1280/2651	0.76	0.32	ଶାରଦ	ରାଧାଶ୍ୟାମ ମହାପାତ୍ର, ପି:ଗୋପୀନାଥ, ଜା:ଖଣ୍ଡାୟତ, ବା:ନିଜଗାଁ
451/442	1370/2653	0.17	0.02	ଶାରଦ	ରାଧାଶ୍ୟାମ ମହାପାତ୍ର, ପି:ଗୋପୀନାଥ, ଜା:ଖଣ୍ଡାୟତ, ବା:ନିଜଗାଁ
451/445	1371/2654	0.06	0.04	ଶାରଦ	ରାଧାଶ୍ୟାମ ମହାପାତ୍ର, ପି:ଗୋପୀନାଥ, ଜା:ଖଣ୍ଡାୟତ, ବା:ନିଜଗାଁ
451/446	1370/2658	0.27	0.19	ଶାରଦ	ରାଧାଶ୍ୟାମ ମହାପାତ୍ର, ପି:ଗୋପୀନାଥ, ଜା:ଖଣ୍ଡାୟତ, ବା:ନିଜଗାଁ
451/446	1371/2655	0.15	0.15	ଶାରଦ	ରାଧାଶ୍ୟାମ ମହାପାତ୍ର, ପି:ଗୋପୀନାଥ, ଜା:ଖଣ୍ଡାୟତ, ବା:ନିଜଗାଁ
451/451	1280	0.11	0.11	ଶାରଦ	ରାଧାଶ୍ୟାମ ମହାପାତ୍ର, ପି:ଗୋପୀନାଥ, ଜା:ଖଣ୍ଡାୟତ, ବା:ନିଜଗାଁ
451/452	1382/2670	0.45	0.10	ଶାରଦ	ରାଧାଶ୍ୟାମ ମହାପାତ୍ର, ପି:ଗୋପୀନାଥ, ଜା:ଖଣ୍ଡାୟତ, ବା:ନିଜଗାଁ
451/452	1374/2212	0.16	0.08	ଶାରଦ	ରାଧାଶ୍ୟାମ ମହାପାତ୍ର, ପି:ଗୋପୀନାଥ, ଜା:ଖଣ୍ଡାୟତ, ବା:ନିଜଗାଁ
451/453	1382	0.34	0.14	ଶାରଦ	ରାଧାଶ୍ୟାମ ମହାପାତ୍ର, ପି:ଗୋପୀନାଥ, ଜା:ଖଣ୍ଡାୟତ, ବା:ନିଜଗାଁ
ପର ପୃଷ୍ଠା ଦେଖନ୍ତୁ...
